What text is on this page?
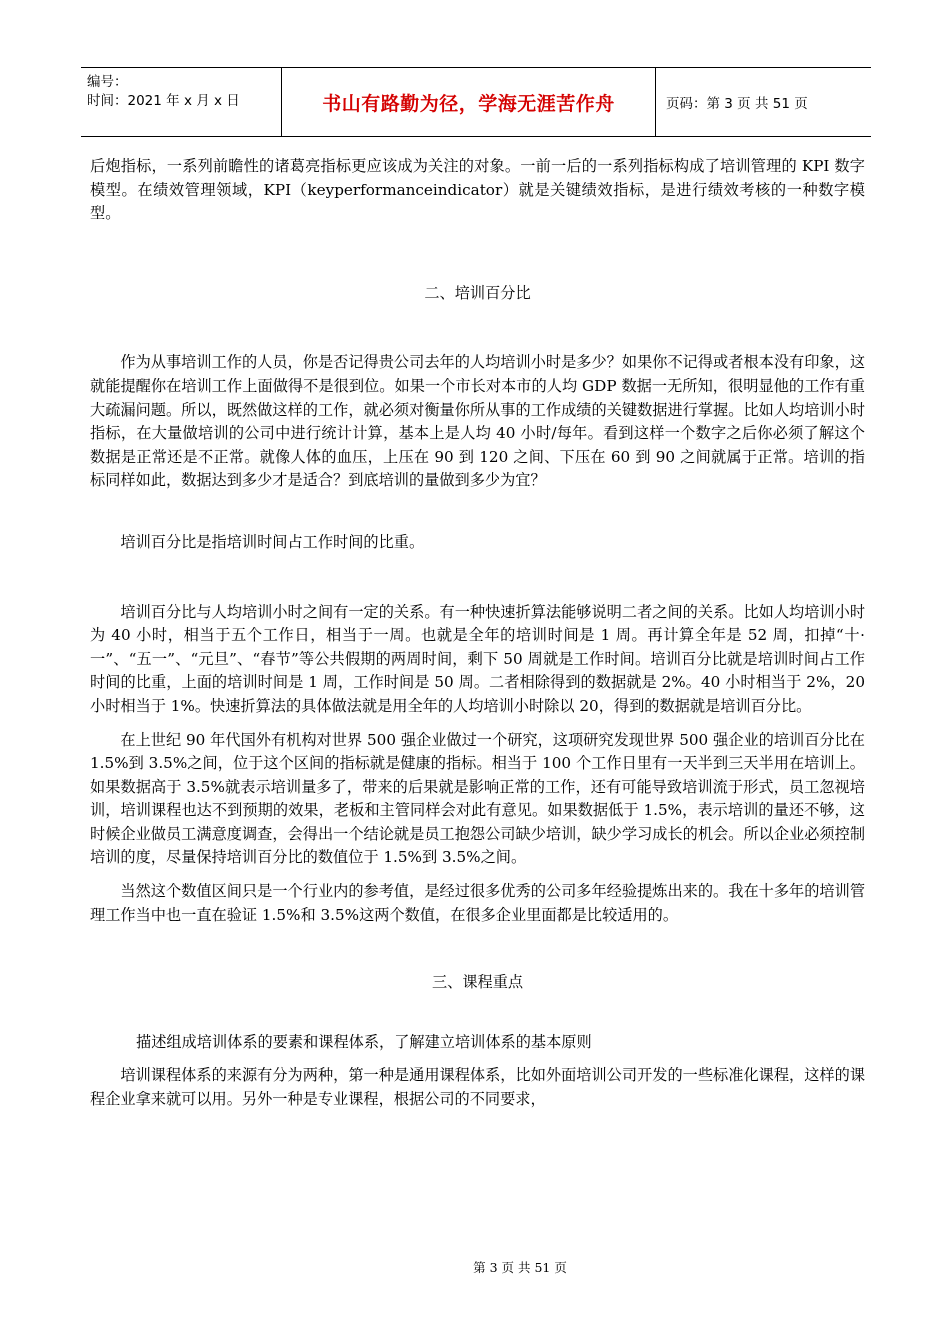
编号：
时间：2021 年 x 月 x 日	书山有路勤为径，学海无涯苦作舟	页码：第 3 页 共 51 页

后炮指标，一系列前瞻性的诸葛亮指标更应该成为关注的对象。一前一后的一系列指标构成了培训管理的 KPI 数字模型。在绩效管理领域，KPI（keyperformanceindicator）就是关键绩效指标，是进行绩效考核的一种数字模型。

二、培训百分比

作为从事培训工作的人员，你是否记得贵公司去年的人均培训小时是多少？如果你不记得或者根本没有印象，这就能提醒你在培训工作上面做得不是很到位。如果一个市长对本市的人均 GDP 数据一无所知，很明显他的工作有重大疏漏问题。所以，既然做这样的工作，就必须对衡量你所从事的工作成绩的关键数据进行掌握。比如人均培训小时指标，在大量做培训的公司中进行统计计算，基本上是人均 40 小时/每年。看到这样一个数字之后你必须了解这个数据是正常还是不正常。就像人体的血压，上压在 90 到 120 之间、下压在 60 到 90 之间就属于正常。培训的指标同样如此，数据达到多少才是适合？到底培训的量做到多少为宜？

培训百分比是指培训时间占工作时间的比重。

培训百分比与人均培训小时之间有一定的关系。有一种快速折算法能够说明二者之间的关系。比如人均培训小时为 40 小时，相当于五个工作日，相当于一周。也就是全年的培训时间是 1 周。再计算全年是 52 周，扣掉“十·一”、“五一”、“元旦”、“春节”等公共假期的两周时间，剩下 50 周就是工作时间。培训百分比就是培训时间占工作时间的比重，上面的培训时间是 1 周，工作时间是 50 周。二者相除得到的数据就是 2%。40 小时相当于 2%，20 小时相当于 1%。快速折算法的具体做法就是用全年的人均培训小时除以 20，得到的数据就是培训百分比。

在上世纪 90 年代国外有机构对世界 500 强企业做过一个研究，这项研究发现世界 500 强企业的培训百分比在 1.5%到 3.5%之间，位于这个区间的指标就是健康的指标。相当于 100 个工作日里有一天半到三天半用在培训上。如果数据高于 3.5%就表示培训量多了，带来的后果就是影响正常的工作，还有可能导致培训流于形式，员工忽视培训，培训课程也达不到预期的效果，老板和主管同样会对此有意见。如果数据低于 1.5%，表示培训的量还不够，这时候企业做员工满意度调查，会得出一个结论就是员工抱怨公司缺少培训，缺少学习成长的机会。所以企业必须控制培训的度，尽量保持培训百分比的数值位于 1.5%到 3.5%之间。

当然这个数值区间只是一个行业内的参考值，是经过很多优秀的公司多年经验提炼出来的。我在十多年的培训管理工作当中也一直在验证 1.5%和 3.5%这两个数值，在很多企业里面都是比较适用的。

三、课程重点

描述组成培训体系的要素和课程体系，了解建立培训体系的基本原则

培训课程体系的来源有分为两种，第一种是通用课程体系，比如外面培训公司开发的一些标准化课程，这样的课程企业拿来就可以用。另外一种是专业课程，根据公司的不同要求，

第 3 页 共 51 页
